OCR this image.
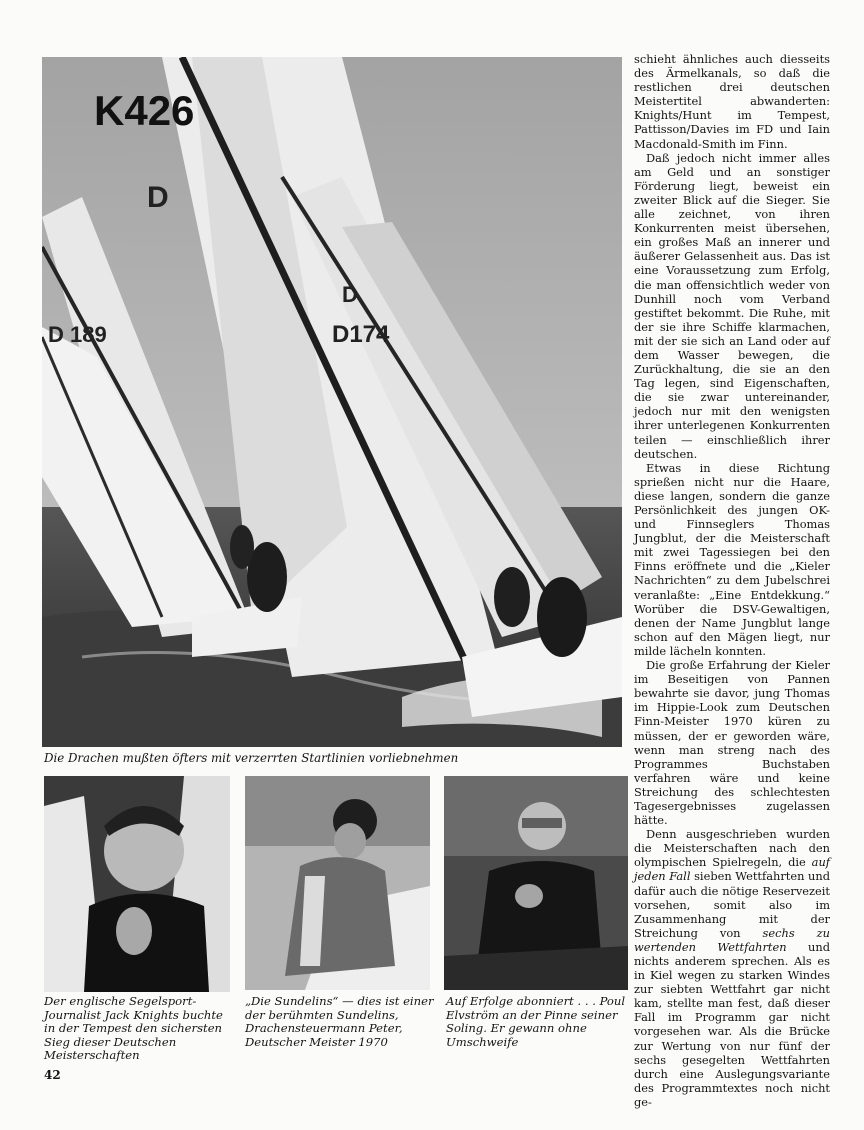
K426
D
D 189
D
D174

Die Drachen mußten öfters mit verzerrten Startlinien vorliebnehmen

Der englische Segelsport-Journalist Jack Knights buchte in der Tempest den sichersten Sieg dieser Deutschen Meisterschaften

„Die Sundelins“ — dies ist einer der berühmten Sundelins, Drachensteuermann Peter, Deutscher Meister 1970

Auf Erfolge abonniert . . . Poul Elvström an der Pinne seiner Soling. Er gewann ohne Umschweife

schieht ähnliches auch diesseits des Ärmelkanals, so daß die restlichen drei deutschen Meistertitel abwanderten: Knights/Hunt im Tempest, Pattisson/Davies im FD und Iain Macdonald-Smith im Finn.

Daß jedoch nicht immer alles am Geld und an sonstiger Förderung liegt, beweist ein zweiter Blick auf die Sieger. Sie alle zeichnet, von ihren Konkurrenten meist übersehen, ein großes Maß an innerer und äußerer Gelassenheit aus. Das ist eine Voraussetzung zum Erfolg, die man offensichtlich weder von Dunhill noch vom Verband gestiftet bekommt. Die Ruhe, mit der sie ihre Schiffe klarmachen, mit der sie sich an Land oder auf dem Wasser bewegen, die Zurückhaltung, die sie an den Tag legen, sind Eigenschaften, die sie zwar untereinander, jedoch nur mit den wenigsten ihrer unterlegenen Konkurrenten teilen — einschließlich ihrer deutschen.

Etwas in diese Richtung sprießen nicht nur die Haare, diese langen, sondern die ganze Persönlichkeit des jungen OK- und Finnseglers Thomas Jungblut, der die Meisterschaft mit zwei Tagessiegen bei den Finns eröffnete und die „Kieler Nachrichten“ zu dem Jubelschrei veranlaßte: „Eine Entdekkung.“ Worüber die DSV-Gewaltigen, denen der Name Jungblut lange schon auf den Mägen liegt, nur milde lächeln konnten.

Die große Erfahrung der Kieler im Beseitigen von Pannen bewahrte sie davor, jung Thomas im Hippie-Look zum Deutschen Finn-Meister 1970 küren zu müssen, der er geworden wäre, wenn man streng nach des Programmes Buchstaben verfahren wäre und keine Streichung des schlechtesten Tagesergebnisses zugelassen hätte.

Denn ausgeschrieben wurden die Meisterschaften nach den olympischen Spielregeln, die auf jeden Fall sieben Wettfahrten und dafür auch die nötige Reservezeit vorsehen, somit also im Zusammenhang mit der Streichung von sechs zu wertenden Wettfahrten und nichts anderem sprechen. Als es in Kiel wegen zu starken Windes zur siebten Wettfahrt gar nicht kam, stellte man fest, daß dieser Fall im Programm gar nicht vorgesehen war. Als die Brücke zur Wertung von nur fünf der sechs gesegelten Wettfahrten durch eine Auslegungsvariante des Programmtextes noch nicht ge-

42
